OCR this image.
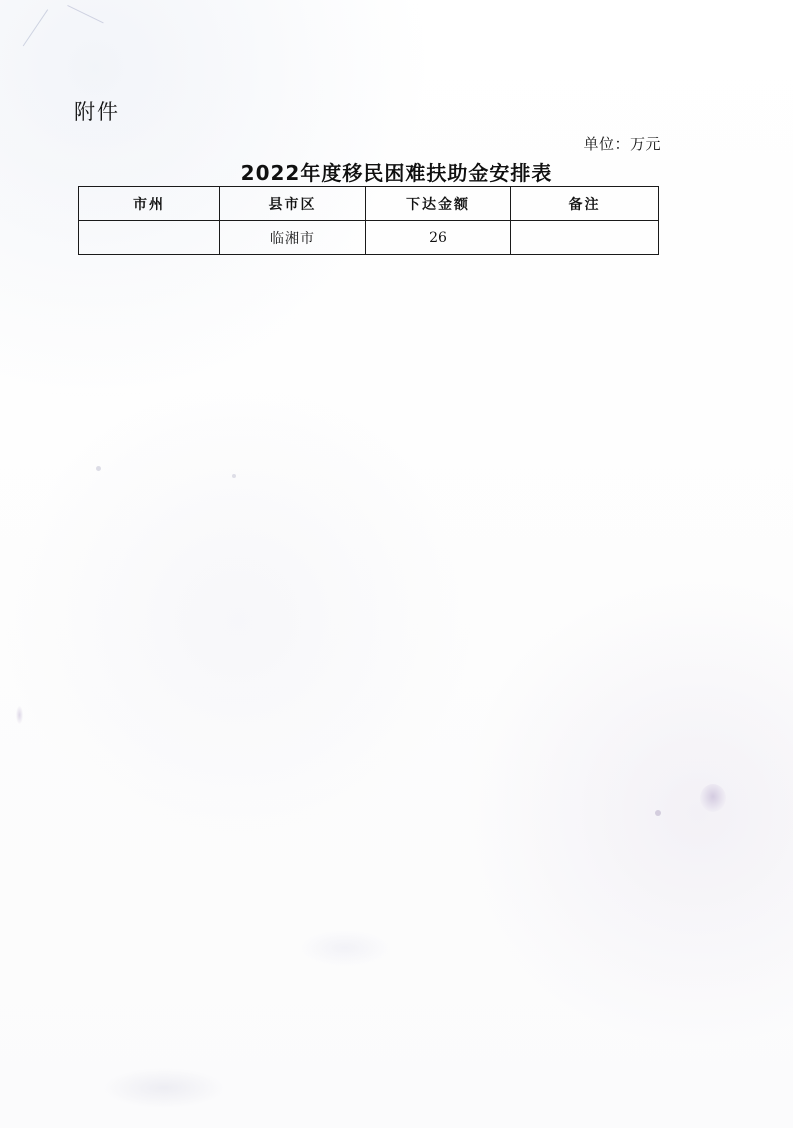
附件
单位：万元
2022年度移民困难扶助金安排表
市州	县市区	下达金额	备注
	临湘市	26	
